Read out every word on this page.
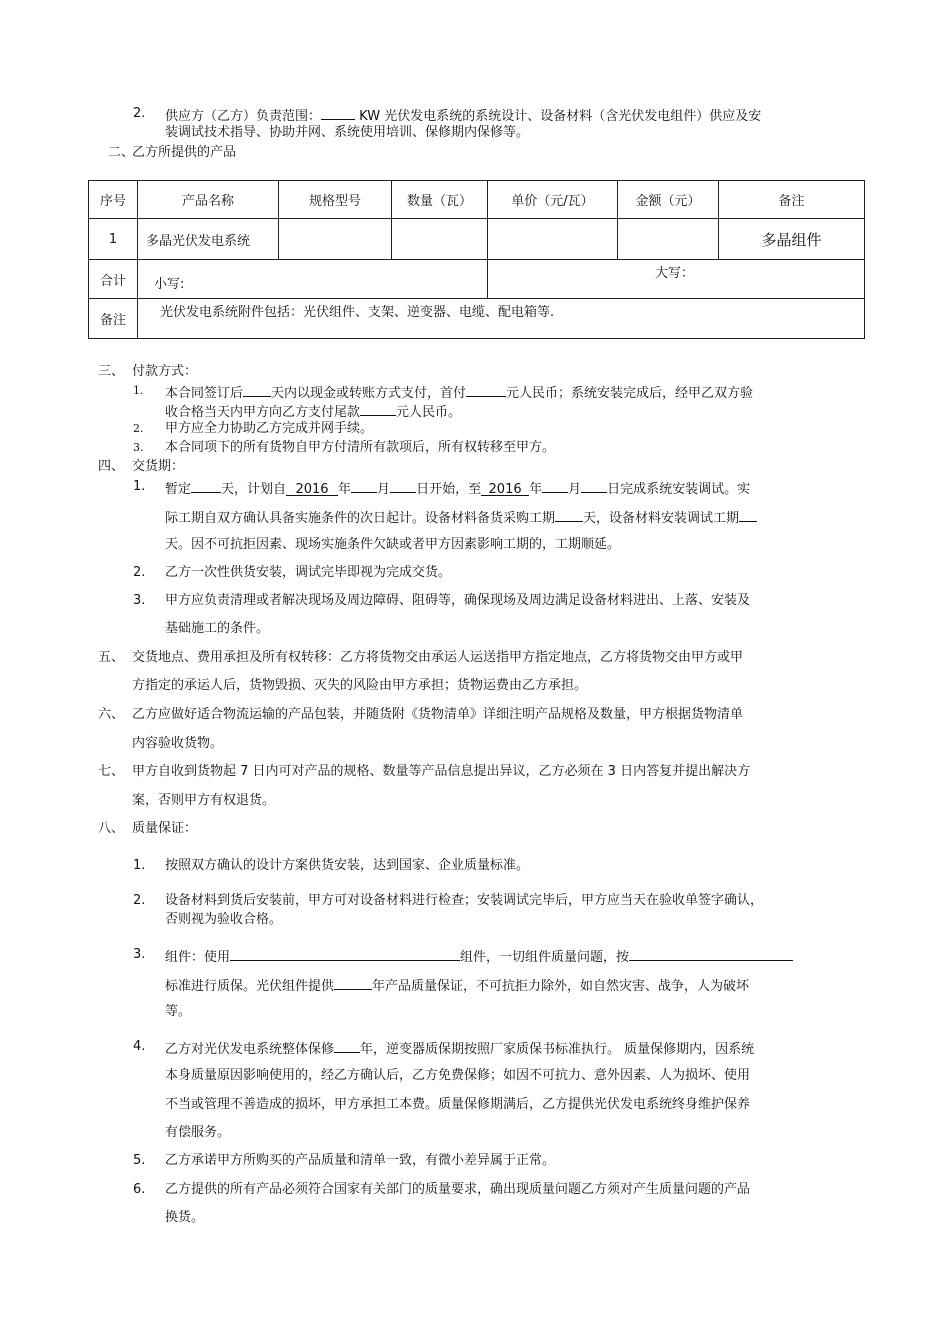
2. 供应方（乙方）负责范围：	KW 光伏发电系统的系统设计、设备材料（含光伏发电组件）供应及安
装调试技术指导、协助并网、系统使用培训、保修期内保修等。
二、
乙方所提供的产品
序号	产品名称	规格型号	数量（瓦）	单价（元/瓦）	金额（元）	备注
1	多晶光伏发电系统					多晶组件
合计	小写:			大写：		
备注	光伏发电系统附件包括：光伏组件、支架、逆变器、电缆、配电箱等.					
三、 付款方式：
1. 本合同签订后 天内以现金或转账方式支付，首付	元人民币；系统安装完成后，经甲乙双方验
收合格当天内甲方向乙方支付尾款	元人民币。
2. 甲方应全力协助乙方完成并网手续。
3. 本合同项下的所有货物自甲方付清所有款项后，所有权转移至甲方。
四、 交货期：
1. 暂定 天，计划自 2016 年 月 日开始，至 2016 年 月 日完成系统安装调试。实
际工期自双方确认具备实施条件的次日起计。设备材料备货采购工期 天，设备材料安装调试工期
天。因不可抗拒因素、现场实施条件欠缺或者甲方因素影响工期的，工期顺延。
2. 乙方一次性供货安装，调试完毕即视为完成交货。
3. 甲方应负责清理或者解决现场及周边障碍、阻碍等，确保现场及周边满足设备材料进出、上落、安装及
基础施工的条件。
五、 交货地点、费用承担及所有权转移：乙方将货物交由承运人运送指甲方指定地点，乙方将货物交由甲方或甲
方指定的承运人后，货物毁损、灭失的风险由甲方承担；货物运费由乙方承担。
六、 乙方应做好适合物流运输的产品包装，并随货附《货物清单》详细注明产品规格及数量，甲方根据货物清单
内容验收货物。
七、 甲方自收到货物起 7 日内可对产品的规格、数量等产品信息提出异议，乙方必须在 3 日内答复并提出解决方
案，否则甲方有权退货。
八、 质量保证：
1. 按照双方确认的设计方案供货安装，达到国家、企业质量标准。
2. 设备材料到货后安装前，甲方可对设备材料进行检查；安装调试完毕后，甲方应当天在验收单签字确认，
否则视为验收合格。
3. 组件：使用	组件，一切组件质量问题，按
标准进行质保。光伏组件提供	年产品质量保证，不可抗拒力除外，如自然灾害、战争，人为破坏
等。
4. 乙方对光伏发电系统整体保修 年，逆变器质保期按照厂家质保书标准执行。 质量保修期内，因系统
本身质量原因影响使用的，经乙方确认后，乙方免费保修；如因不可抗力、意外因素、人为损坏、使用
不当或管理不善造成的损坏，甲方承担工本费。质量保修期满后，乙方提供光伏发电系统终身维护保养
有偿服务。
5. 乙方承诺甲方所购买的产品质量和清单一致，有微小差异属于正常。
6. 乙方提供的所有产品必须符合国家有关部门的质量要求，确出现质量问题乙方须对产生质量问题的产品
换货。
